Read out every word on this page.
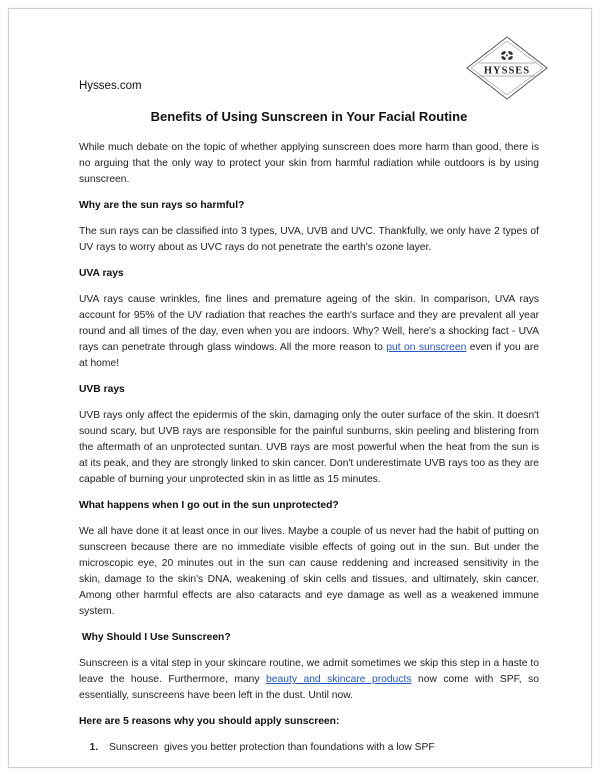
HYSSES
Hysses.com
Benefits of Using Sunscreen in Your Facial Routine

While much debate on the topic of whether applying sunscreen does more harm than good, there is no arguing that the only way to protect your skin from harmful radiation while outdoors is by using sunscreen.

Why are the sun rays so harmful?

The sun rays can be classified into 3 types, UVA, UVB and UVC. Thankfully, we only have 2 types of UV rays to worry about as UVC rays do not penetrate the earth's ozone layer.

UVA rays

UVA rays cause wrinkles, fine lines and premature ageing of the skin. In comparison, UVA rays account for 95% of the UV radiation that reaches the earth's surface and they are prevalent all year round and all times of the day, even when you are indoors. Why? Well, here's a shocking fact - UVA rays can penetrate through glass windows. All the more reason to put on sunscreen even if you are at home!

UVB rays

UVB rays only affect the epidermis of the skin, damaging only the outer surface of the skin. It doesn't sound scary, but UVB rays are responsible for the painful sunburns, skin peeling and blistering from the aftermath of an unprotected suntan. UVB rays are most powerful when the heat from the sun is at its peak, and they are strongly linked to skin cancer. Don't underestimate UVB rays too as they are capable of burning your unprotected skin in as little as 15 minutes.

What happens when I go out in the sun unprotected?

We all have done it at least once in our lives. Maybe a couple of us never had the habit of putting on sunscreen because there are no immediate visible effects of going out in the sun. But under the microscopic eye, 20 minutes out in the sun can cause reddening and increased sensitivity in the skin, damage to the skin's DNA, weakening of skin cells and tissues, and ultimately, skin cancer. Among other harmful effects are also cataracts and eye damage as well as a weakened immune system.

Why Should I Use Sunscreen?

Sunscreen is a vital step in your skincare routine, we admit sometimes we skip this step in a haste to leave the house. Furthermore, many beauty and skincare products now come with SPF, so essentially, sunscreens have been left in the dust. Until now.

Here are 5 reasons why you should apply sunscreen:
1. Sunscreen  gives you better protection than foundations with a low SPF
